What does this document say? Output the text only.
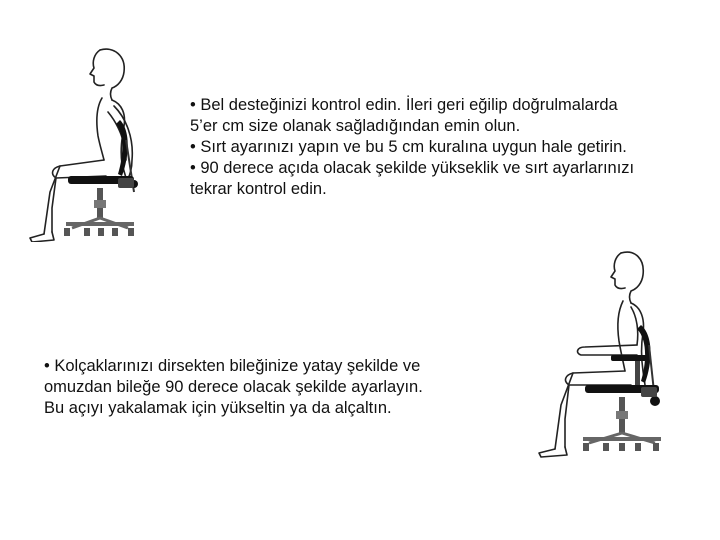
• Bel desteğinizi kontrol edin. İleri geri eğilip doğrulmalarda
5’er cm size olanak sağladığından emin olun.
• Sırt ayarınızı yapın ve bu 5 cm kuralına uygun hale getirin.
• 90 derece açıda olacak şekilde yükseklik ve sırt ayarlarınızı
tekrar kontrol edin.
• Kolçaklarınızı dirsekten bileğinize yatay şekilde ve
omuzdan bileğe 90 derece olacak şekilde ayarlayın.
Bu açıyı yakalamak için yükseltin ya da alçaltın.
